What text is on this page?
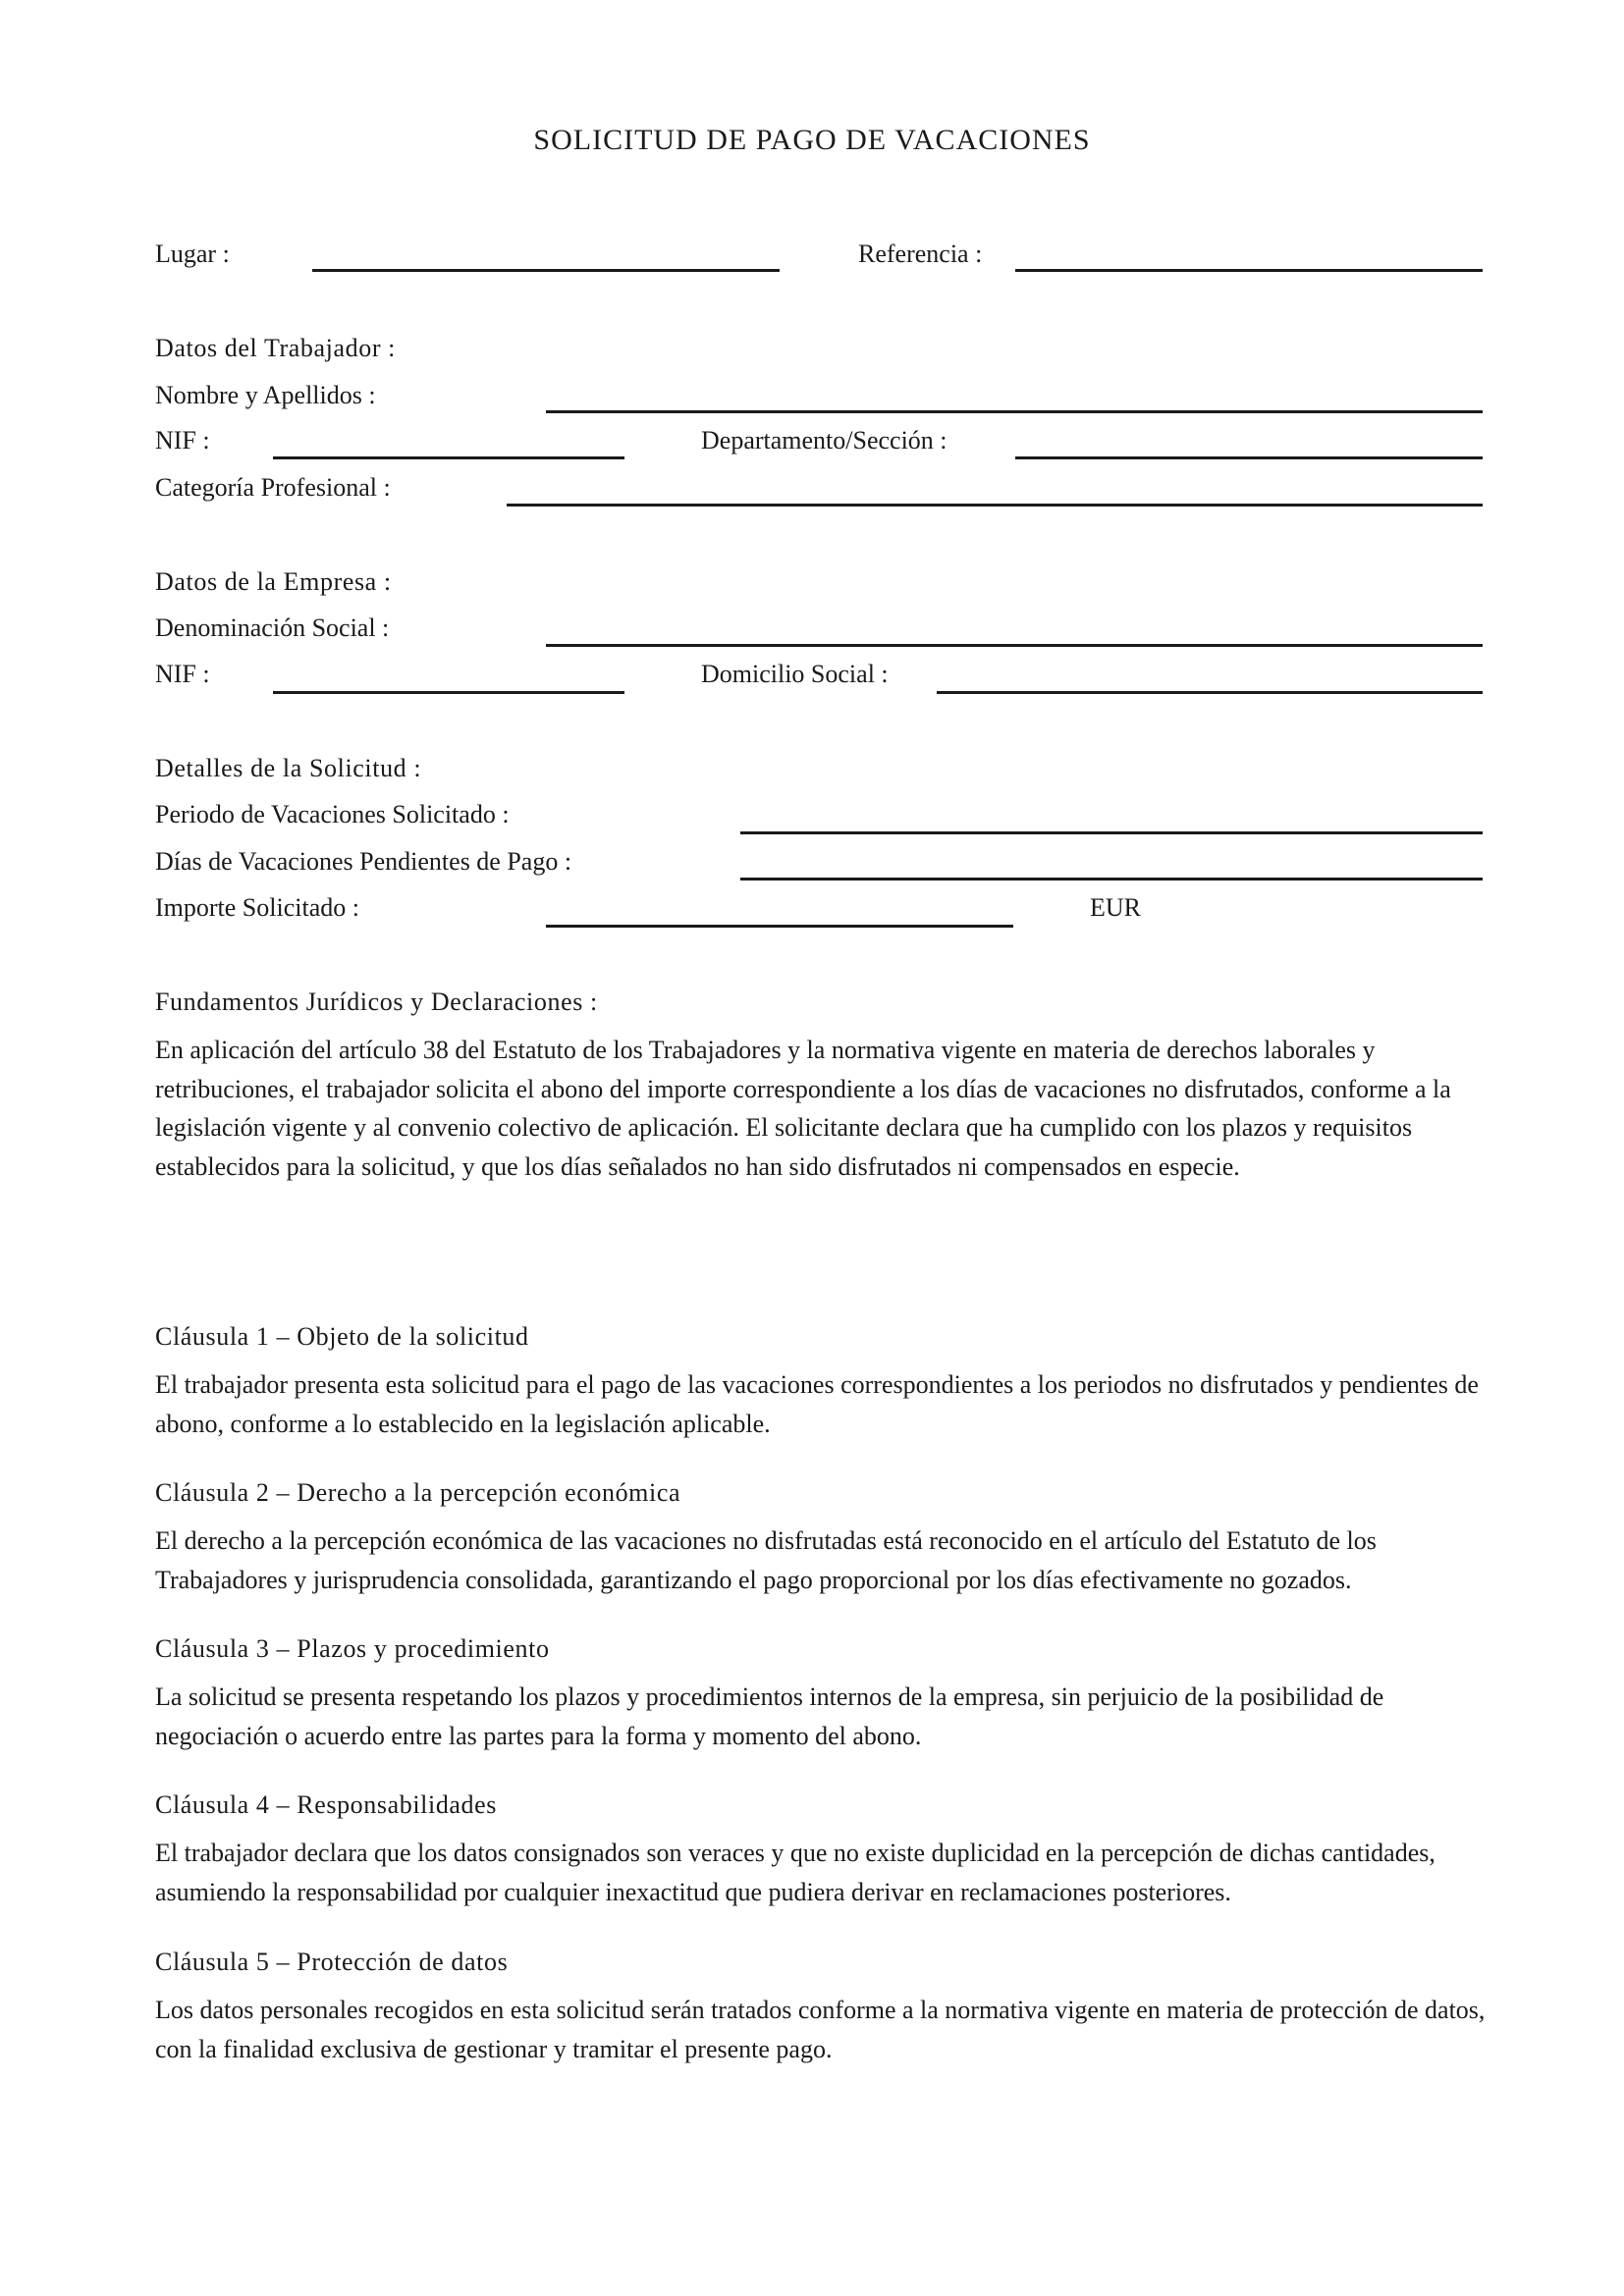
SOLICITUD DE PAGO DE VACACIONES
Lugar :	Referencia :
Datos del Trabajador :
Nombre y Apellidos :
NIF :	Departamento/Sección :
Categoría Profesional :
Datos de la Empresa :
Denominación Social :
NIF :	Domicilio Social :
Detalles de la Solicitud :
Periodo de Vacaciones Solicitado :
Días de Vacaciones Pendientes de Pago :
Importe Solicitado :	EUR
Fundamentos Jurídicos y Declaraciones :
En aplicación del artículo 38 del Estatuto de los Trabajadores y la normativa vigente en materia de derechos laborales y retribuciones, el trabajador solicita el abono del importe correspondiente a los días de vacaciones no disfrutados, conforme a la legislación vigente y al convenio colectivo de aplicación. El solicitante declara que ha cumplido con los plazos y requisitos establecidos para la solicitud, y que los días señalados no han sido disfrutados ni compensados en especie.
Cláusula 1 – Objeto de la solicitud
El trabajador presenta esta solicitud para el pago de las vacaciones correspondientes a los periodos no disfrutados y pendientes de abono, conforme a lo establecido en la legislación aplicable.
Cláusula 2 – Derecho a la percepción económica
El derecho a la percepción económica de las vacaciones no disfrutadas está reconocido en el artículo del Estatuto de los Trabajadores y jurisprudencia consolidada, garantizando el pago proporcional por los días efectivamente no gozados.
Cláusula 3 – Plazos y procedimiento
La solicitud se presenta respetando los plazos y procedimientos internos de la empresa, sin perjuicio de la posibilidad de negociación o acuerdo entre las partes para la forma y momento del abono.
Cláusula 4 – Responsabilidades
El trabajador declara que los datos consignados son veraces y que no existe duplicidad en la percepción de dichas cantidades, asumiendo la responsabilidad por cualquier inexactitud que pudiera derivar en reclamaciones posteriores.
Cláusula 5 – Protección de datos
Los datos personales recogidos en esta solicitud serán tratados conforme a la normativa vigente en materia de protección de datos, con la finalidad exclusiva de gestionar y tramitar el presente pago.
